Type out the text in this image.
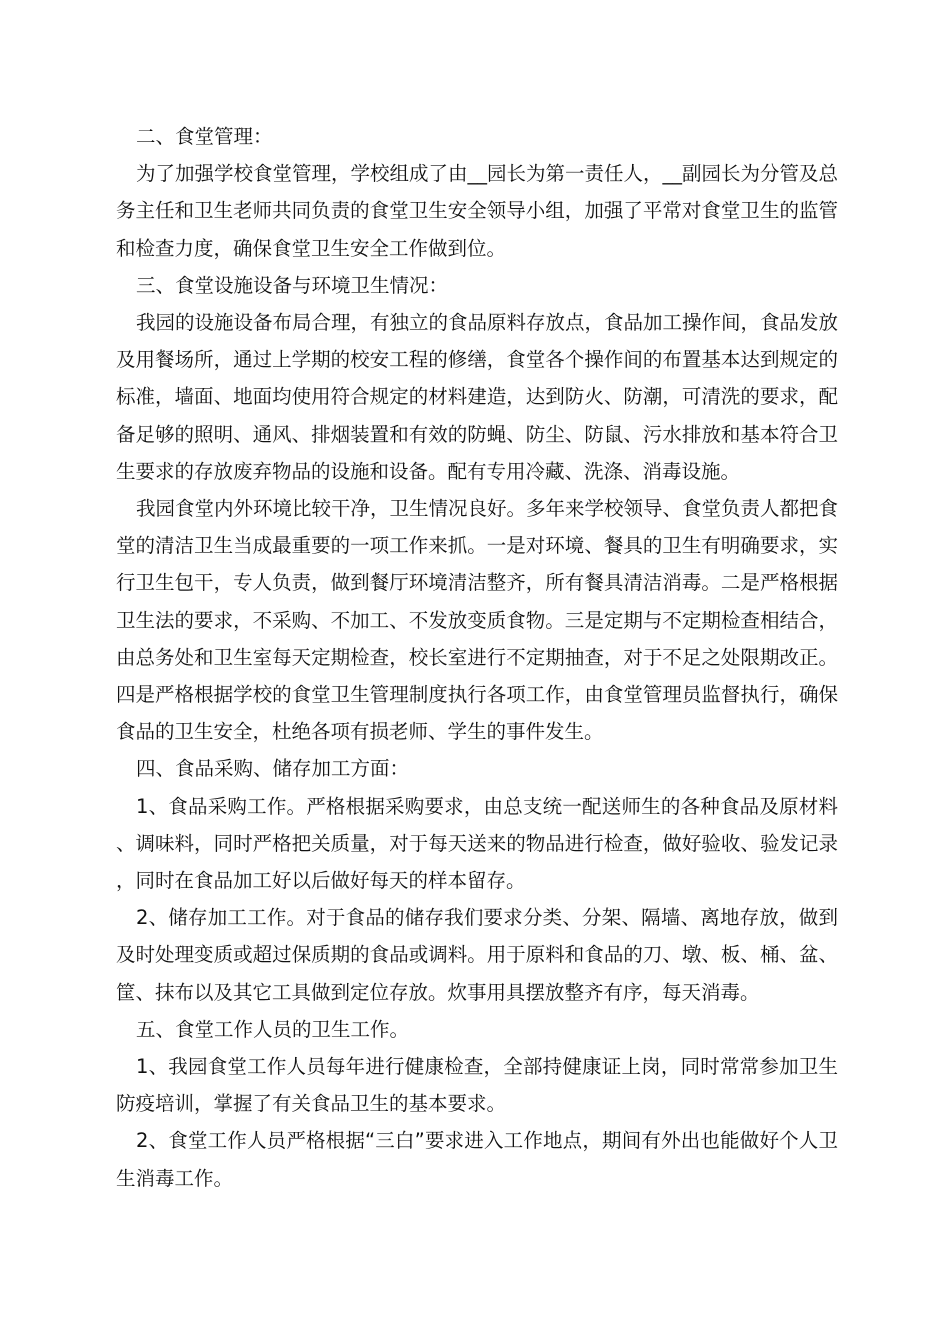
二、食堂管理：

为了加强学校食堂管理，学校组成了由__园长为第一责任人，__副园长为分管及总务主任和卫生老师共同负责的食堂卫生安全领导小组，加强了平常对食堂卫生的监管和检查力度，确保食堂卫生安全工作做到位。

三、食堂设施设备与环境卫生情况：

我园的设施设备布局合理，有独立的食品原料存放点，食品加工操作间，食品发放及用餐场所，通过上学期的校安工程的修缮，食堂各个操作间的布置基本达到规定的标准，墙面、地面均使用符合规定的材料建造，达到防火、防潮，可清洗的要求，配备足够的照明、通风、排烟装置和有效的防蝇、防尘、防鼠、污水排放和基本符合卫生要求的存放废弃物品的设施和设备。配有专用冷藏、洗涤、消毒设施。

我园食堂内外环境比较干净，卫生情况良好。多年来学校领导、食堂负责人都把食堂的清洁卫生当成最重要的一项工作来抓。一是对环境、餐具的卫生有明确要求，实行卫生包干，专人负责，做到餐厅环境清洁整齐，所有餐具清洁消毒。二是严格根据卫生法的要求，不采购、不加工、不发放变质食物。三是定期与不定期检查相结合，由总务处和卫生室每天定期检查，校长室进行不定期抽查，对于不足之处限期改正。四是严格根据学校的食堂卫生管理制度执行各项工作，由食堂管理员监督执行，确保食品的卫生安全，杜绝各项有损老师、学生的事件发生。

四、食品采购、储存加工方面：

1、食品采购工作。严格根据采购要求，由总支统一配送师生的各种食品及原材料、调味料，同时严格把关质量，对于每天送来的物品进行检查，做好验收、验发记录，同时在食品加工好以后做好每天的样本留存。

2、储存加工工作。对于食品的储存我们要求分类、分架、隔墙、离地存放，做到及时处理变质或超过保质期的食品或调料。用于原料和食品的刀、墩、板、桶、盆、筐、抹布以及其它工具做到定位存放。炊事用具摆放整齐有序，每天消毒。

五、食堂工作人员的卫生工作。

1、我园食堂工作人员每年进行健康检查，全部持健康证上岗，同时常常参加卫生防疫培训，掌握了有关食品卫生的基本要求。

2、食堂工作人员严格根据“三白”要求进入工作地点，期间有外出也能做好个人卫生消毒工作。
